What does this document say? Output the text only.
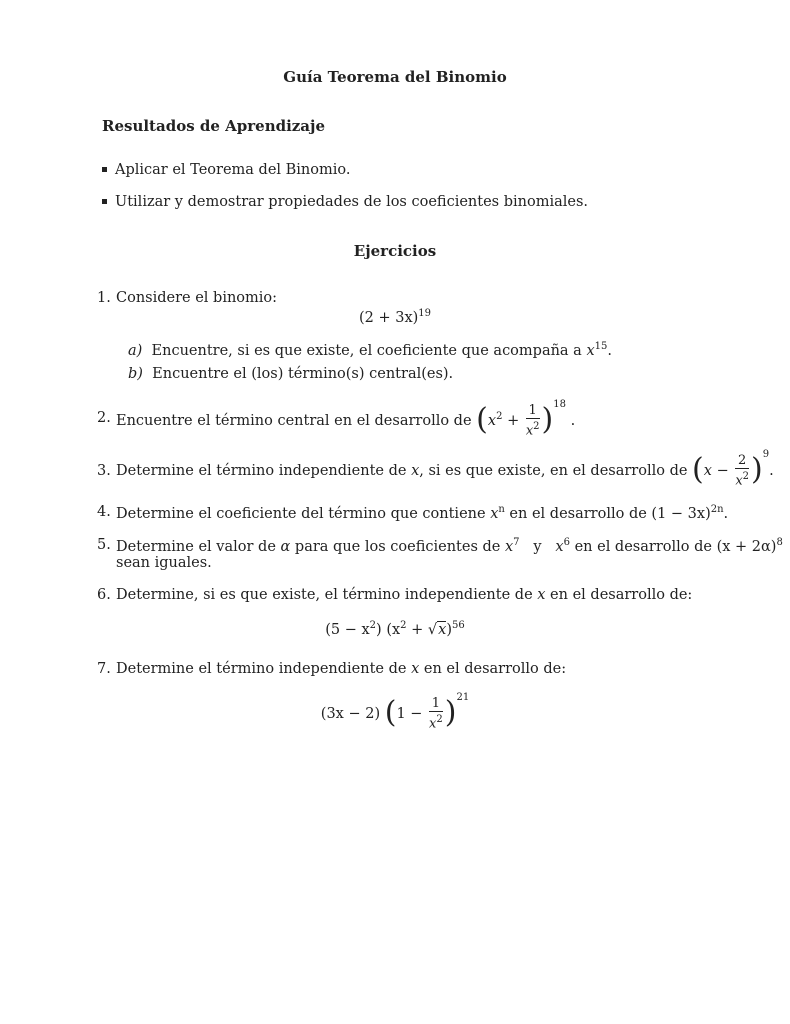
Guía Teorema del Binomio
Resultados de Aprendizaje
Aplicar el Teorema del Binomio.
Utilizar y demostrar propiedades de los coeficientes binomiales.
Ejercicios
1. Considere el binomio:
$(2 + 3x)^{19}$
a) Encuentre, si es que existe, el coeficiente que acompaña a $x^{15}$.
b) Encuentre el (los) término(s) central(es).
2. Encuentre el término central en el desarrollo de $(x^2 + \frac{1}{x^2} )^{18}$ .
3. Determine el término independiente de x, si es que existe, en el desarrollo de $(x - \frac{2}{x^2} )^9$.
4. Determine el coeficiente del término que contiene $x^n$ en el desarrollo de $(1 - 3x)^{2n}$.
5. Determine el valor de α para que los coeficientes de $x^7$ y $x^6$ en el desarrollo de $(x + 2\alpha)^8$
sean iguales.
6. Determine, si es que existe, el término independiente de x en el desarrollo de:
$(5 - x^2)$ $(x^2 + √x)^{56}$
7. Determine el término independiente de x en el desarrollo de:
(3x − 2) $(1 - \frac{1}{x^2} )^{21}$
